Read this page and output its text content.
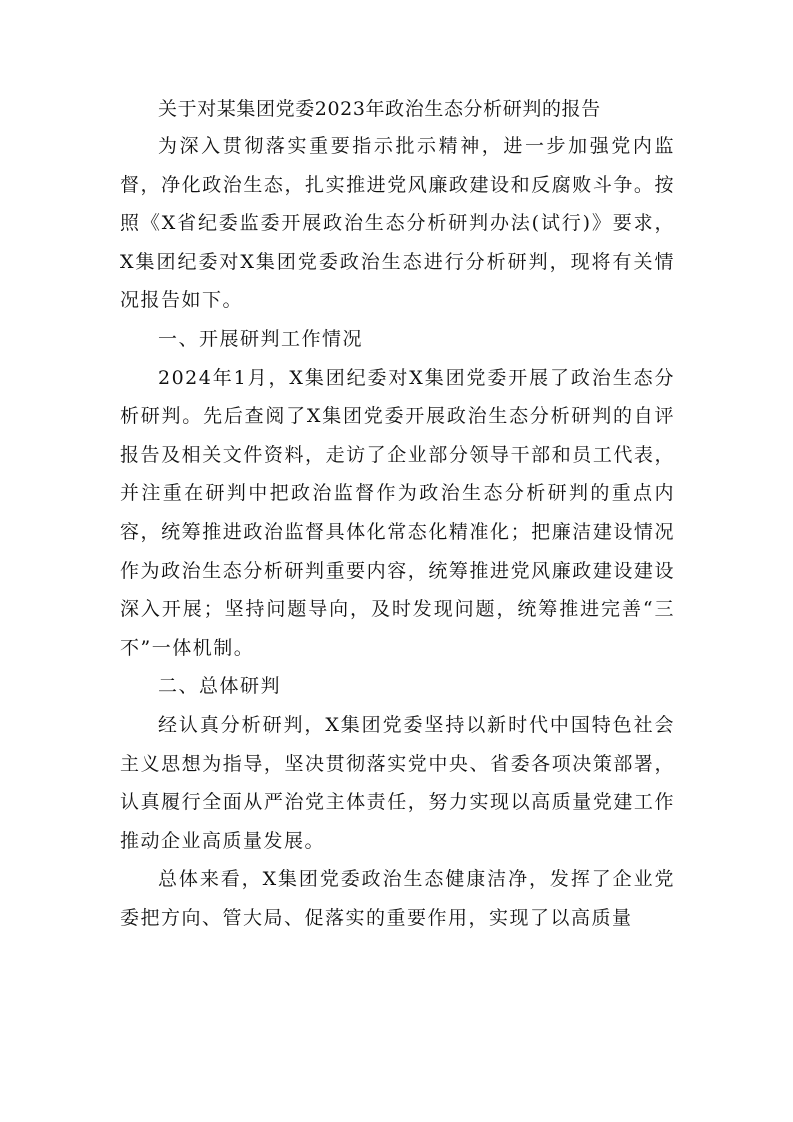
关于对某集团党委2023年政治生态分析研判的报告

为深入贯彻落实重要指示批示精神，进一步加强党内监督，净化政治生态，扎实推进党风廉政建设和反腐败斗争。按照《X省纪委监委开展政治生态分析研判办法(试行)》要求，X集团纪委对X集团党委政治生态进行分析研判，现将有关情况报告如下。

一、开展研判工作情况

2024年1月，X集团纪委对X集团党委开展了政治生态分析研判。先后查阅了X集团党委开展政治生态分析研判的自评报告及相关文件资料，走访了企业部分领导干部和员工代表，并注重在研判中把政治监督作为政治生态分析研判的重点内容，统筹推进政治监督具体化常态化精准化；把廉洁建设情况作为政治生态分析研判重要内容，统筹推进党风廉政建设建设深入开展；坚持问题导向，及时发现问题，统筹推进完善“三不”一体机制。

二、总体研判

经认真分析研判，X集团党委坚持以新时代中国特色社会主义思想为指导，坚决贯彻落实党中央、省委各项决策部署，认真履行全面从严治党主体责任，努力实现以高质量党建工作推动企业高质量发展。

总体来看，X集团党委政治生态健康洁净，发挥了企业党委把方向、管大局、促落实的重要作用，实现了以高质量
